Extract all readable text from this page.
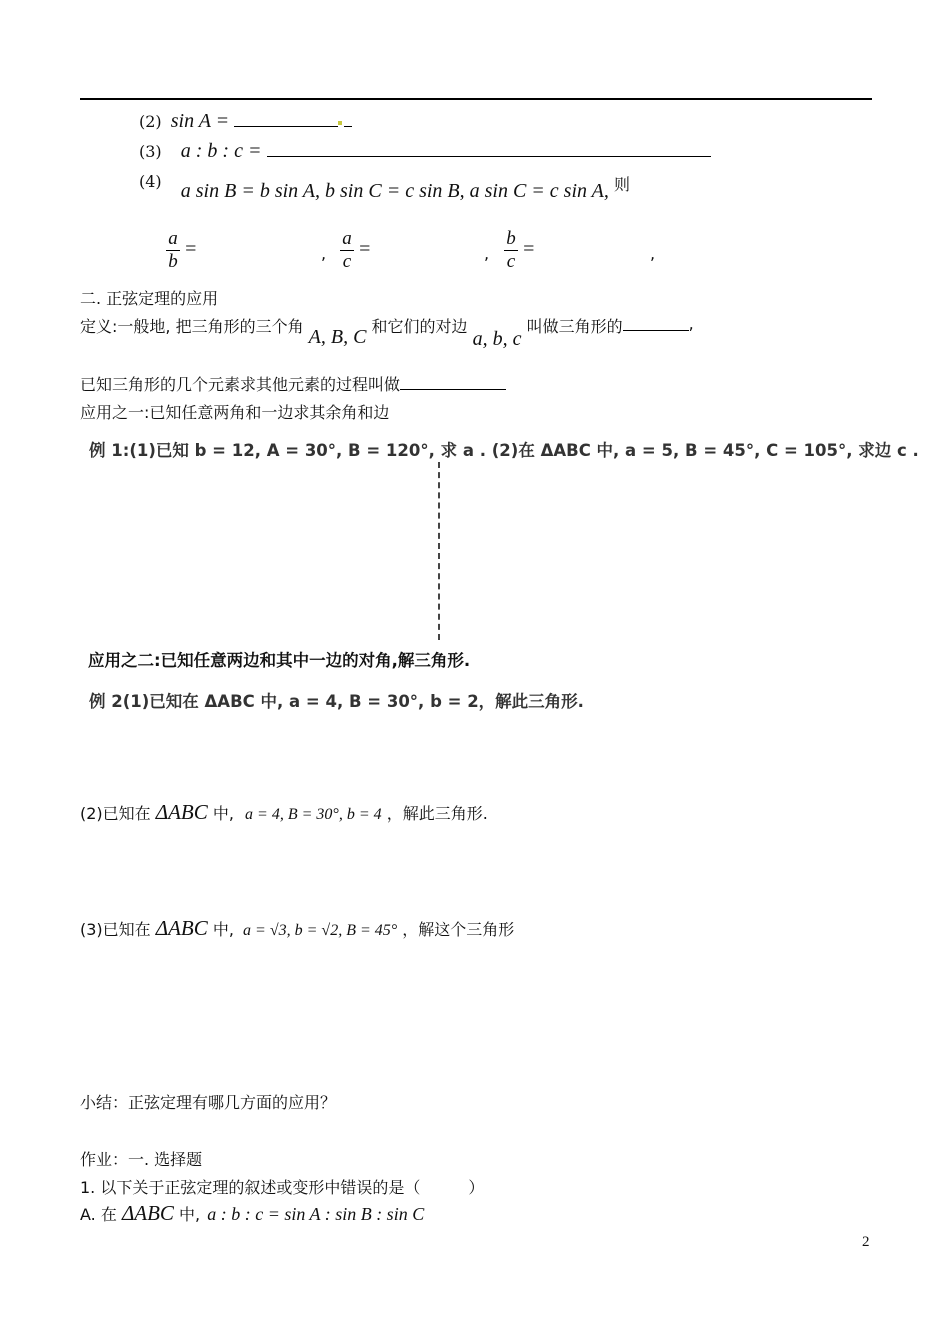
(2) sin A =
(3) a : b : c =
(4) a sin B = b sin A, b sin C = c sin B, a sin C = c sin A, 则
$\frac{a}{b}$ =	, $\frac{a}{c}$ =	, $\frac{b}{c}$ =	,
二. 正弦定理的应用
定义:一般地, 把三角形的三个角 A, B, C 和它们的对边 a, b, c 叫做三角形的	,
已知三角形的几个元素求其他元素的过程叫做
应用之一:已知任意两角和一边求其余角和边
例 1:(1)已知 b = 12, A = 30°, B = 120°, 求 a . (2)在 ΔABC 中, a = 5, B = 45°, C = 105°, 求边 c .
应用之二:已知任意两边和其中一边的对角,解三角形.
例 2(1)已知在 ΔABC 中, a = 4, B = 30°, b = 2，解此三角形.
(2)已知在 ΔABC 中, a = 4, B = 30°, b = 4 ，解此三角形.
(3)已知在 ΔABC 中, a = √3, b = √2, B = 45° ，解这个三角形
小结：正弦定理有哪几方面的应用？
作业：一. 选择题
1. 以下关于正弦定理的叙述或变形中错误的是（　　　）
A. 在 ΔABC 中, a : b : c = sin A : sin B : sin C
2
